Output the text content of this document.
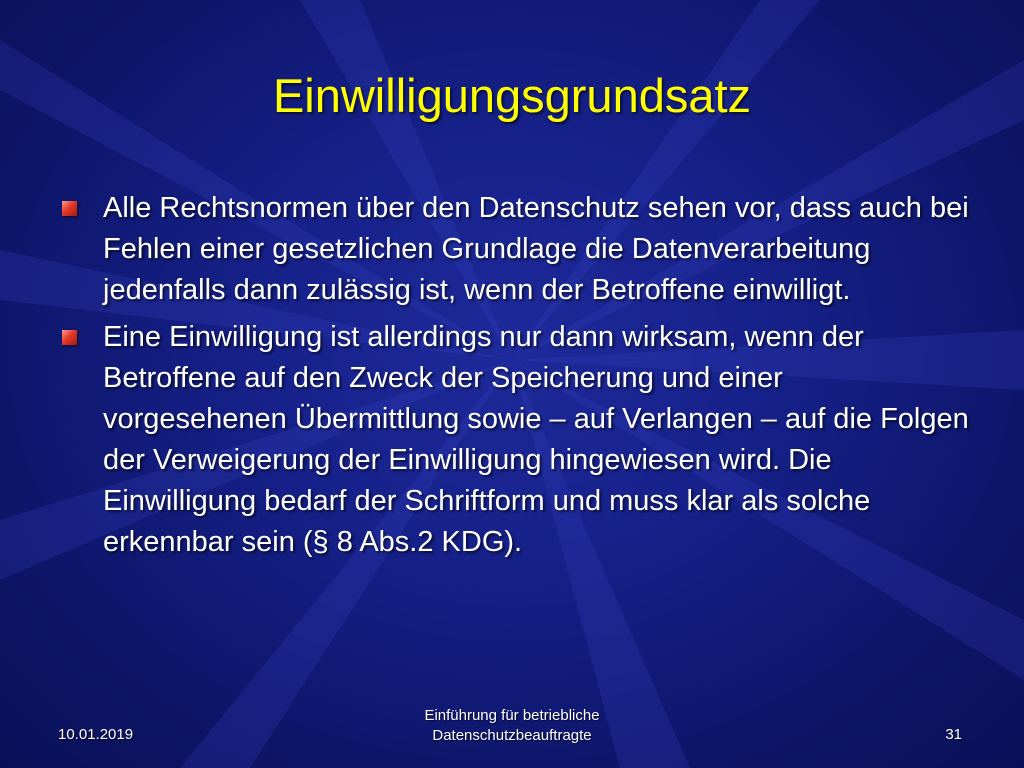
Einwilligungsgrundsatz
Alle Rechtsnormen über den Datenschutz sehen vor, dass auch bei Fehlen einer gesetzlichen Grundlage die Datenverarbeitung jedenfalls dann zulässig ist, wenn der Betroffene einwilligt.
Eine Einwilligung ist allerdings nur dann wirksam, wenn der Betroffene auf den Zweck der Speicherung und einer vorgesehenen Übermittlung sowie – auf Verlangen – auf die Folgen der Verweigerung der Einwilligung hingewiesen wird. Die Einwilligung bedarf der Schriftform und muss klar als solche erkennbar sein (§ 8 Abs.2 KDG).
10.01.2019
Einführung für betriebliche
Datenschutzbeauftragte	31
